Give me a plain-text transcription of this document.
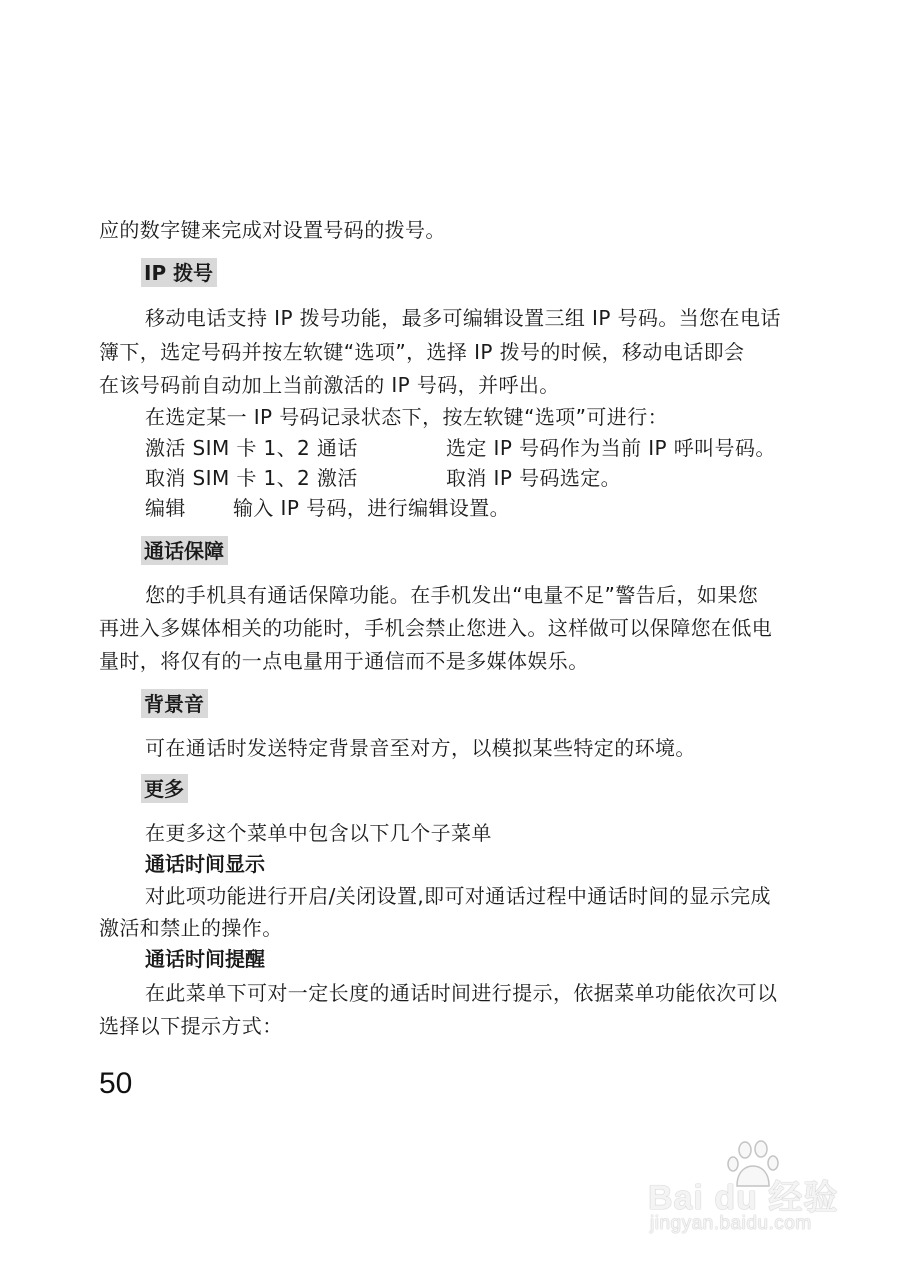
应的数字键来完成对设置号码的拨号。
IP 拨号
移动电话支持 IP 拨号功能，最多可编辑设置三组 IP 号码。当您在电话
簿下，选定号码并按左软键“选项”，选择 IP 拨号的时候，移动电话即会
在该号码前自动加上当前激活的 IP 号码，并呼出。
在选定某一 IP 号码记录状态下，按左软键“选项”可进行：
激活 SIM 卡 1、2 通话	选定 IP 号码作为当前 IP 呼叫号码。
取消 SIM 卡 1、2 激活	取消 IP 号码选定。
编辑 输入 IP 号码，进行编辑设置。
通话保障
您的手机具有通话保障功能。在手机发出“电量不足”警告后，如果您
再进入多媒体相关的功能时，手机会禁止您进入。这样做可以保障您在低电
量时，将仅有的一点电量用于通信而不是多媒体娱乐。
背景音
可在通话时发送特定背景音至对方，以模拟某些特定的环境。
更多
在更多这个菜单中包含以下几个子菜单
通话时间显示
对此项功能进行开启/关闭设置,即可对通话过程中通话时间的显示完成
激活和禁止的操作。
通话时间提醒
在此菜单下可对一定长度的通话时间进行提示，依据菜单功能依次可以
选择以下提示方式：
50
Bai du 经验
jingyan.baidu.com
